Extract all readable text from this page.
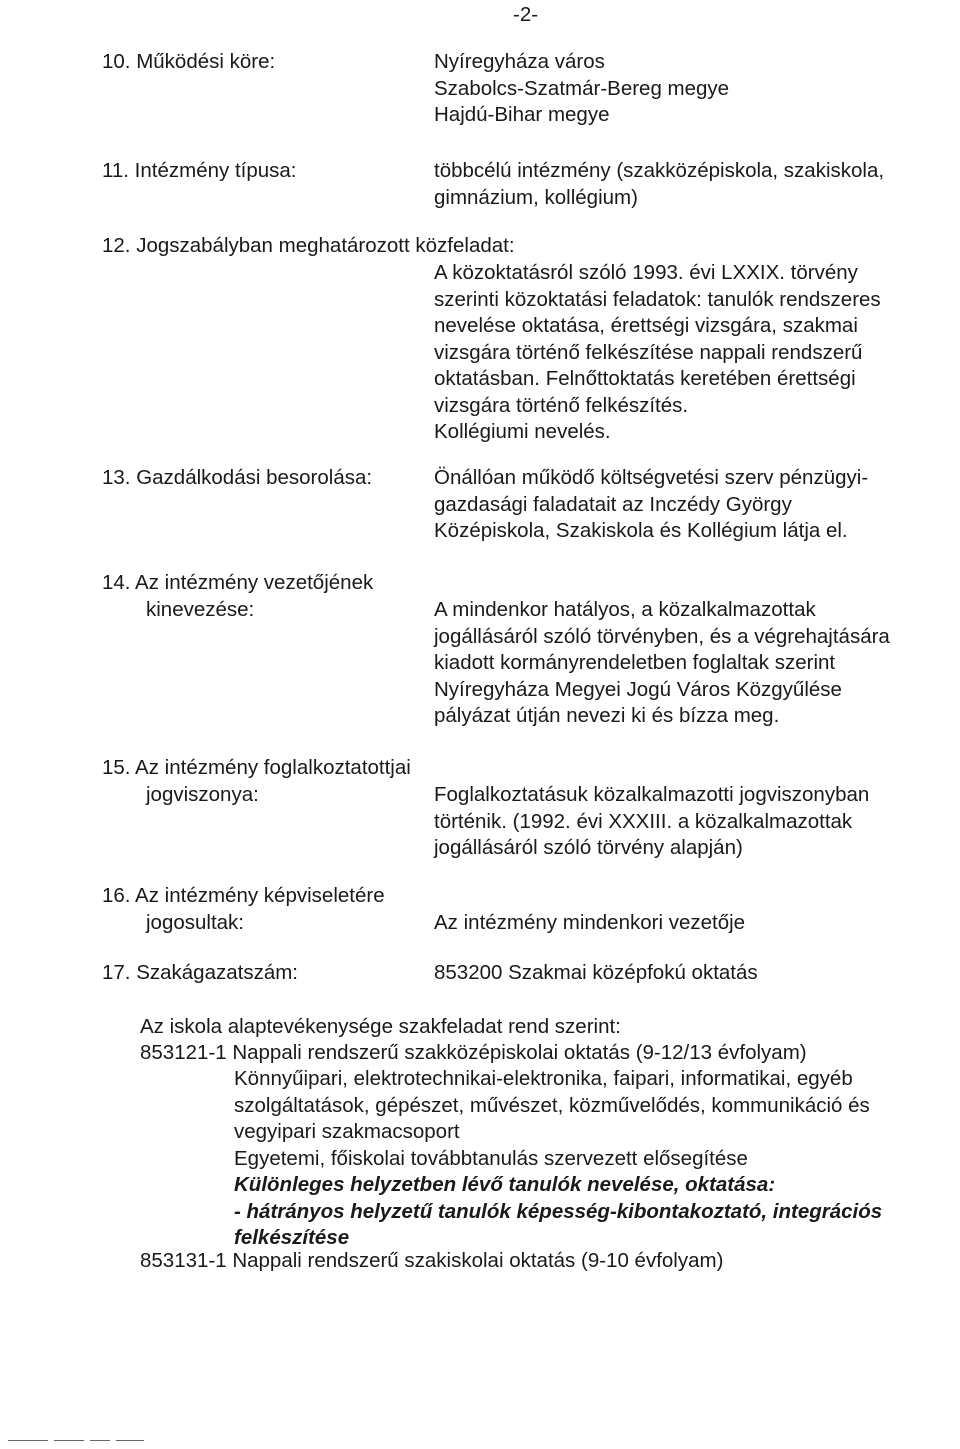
-2-
10. Működési köre:	Nyíregyháza város
Szabolcs-Szatmár-Bereg megye
Hajdú-Bihar megye
11. Intézmény típusa:	többcélú intézmény (szakközépiskola, szakiskola,
gimnázium, kollégium)
12. Jogszabályban meghatározott közfeladat:
A közoktatásról szóló 1993. évi LXXIX. törvény
szerinti közoktatási feladatok: tanulók rendszeres
nevelése oktatása, érettségi vizsgára, szakmai
vizsgára történő felkészítése nappali rendszerű
oktatásban. Felnőttoktatás keretében érettségi
vizsgára történő felkészítés.
Kollégiumi nevelés.
13. Gazdálkodási besorolása:	Önállóan működő költségvetési szerv pénzügyi-
gazdasági faladatait az Inczédy György
Középiskola, Szakiskola és Kollégium látja el.
14. Az intézmény vezetőjének
kinevezése:	A mindenkor hatályos, a közalkalmazottak
jogállásáról szóló törvényben, és a végrehajtására
kiadott kormányrendeletben foglaltak szerint
Nyíregyháza Megyei Jogú Város Közgyűlése
pályázat útján nevezi ki és bízza meg.
15. Az intézmény foglalkoztatottjai
jogviszonya:	Foglalkoztatásuk közalkalmazotti jogviszonyban
történik. (1992. évi XXXIII. a közalkalmazottak
jogállásáról szóló törvény alapján)
16. Az intézmény képviseletére
jogosultak:	Az intézmény mindenkori vezetője
17. Szakágazatszám:	853200 Szakmai középfokú oktatás
Az iskola alaptevékenysége szakfeladat rend szerint:
853121-1 Nappali rendszerű szakközépiskolai oktatás (9-12/13 évfolyam)
Könnyűipari, elektrotechnikai-elektronika, faipari, informatikai, egyéb
szolgáltatások, gépészet, művészet, közművelődés, kommunikáció és
vegyipari szakmacsoport
Egyetemi, főiskolai továbbtanulás szervezett elősegítése
Különleges helyzetben lévő tanulók nevelése, oktatása:
- hátrányos helyzetű tanulók képesség-kibontakoztató, integrációs
felkészítése
853131-1 Nappali rendszerű szakiskolai oktatás (9-10 évfolyam)
